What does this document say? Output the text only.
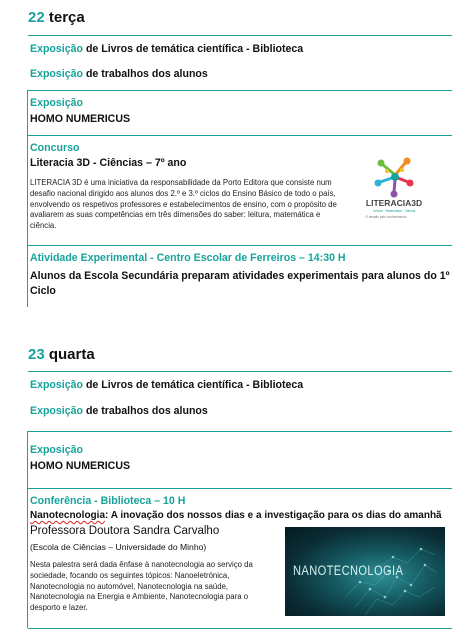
22 terça
Exposição de Livros de temática científica - Biblioteca
Exposição de trabalhos dos alunos
Exposição
HOMO NUMERICUS
Concurso
Literacia 3D - Ciências – 7º ano
LITERACIA 3D é uma iniciativa da responsabilidade da Porto Editora que consiste num desafio nacional dirigido aos alunos dos 2.º e 3.º ciclos do Ensino Básico de todo o país, envolvendo os respetivos professores e estabelecimentos de ensino, com o propósito de avaliarem as suas competências em três dimensões do saber: leitura, matemática e ciência.
LITERACIA3D
Leitura · Matemática · Ciência
O desafio pelo conhecimento
Atividade Experimental - Centro Escolar de Ferreiros – 14:30 H
Alunos da Escola Secundária preparam atividades experimentais para alunos do 1º Ciclo
23 quarta
Exposição de Livros de temática científica - Biblioteca
Exposição de trabalhos dos alunos
Exposição
HOMO NUMERICUS
Conferência - Biblioteca – 10 H
Nanotecnologia: A inovação dos nossos dias e a investigação para os dias do amanhã
Professora Doutora Sandra Carvalho
(Escola de Ciências – Universidade do Minho)
Nesta palestra será dada ênfase à nanotecnologia ao serviço da sociedade, focando os seguintes tópicos: Nanoeletrónica, Nanotecnologia no automóvel, Nanotecnologia na saúde, Nanotecnologia na Energia e Ambiente, Nanotecnologia para o desporto e lazer.
NANOTECNOLOGIA
